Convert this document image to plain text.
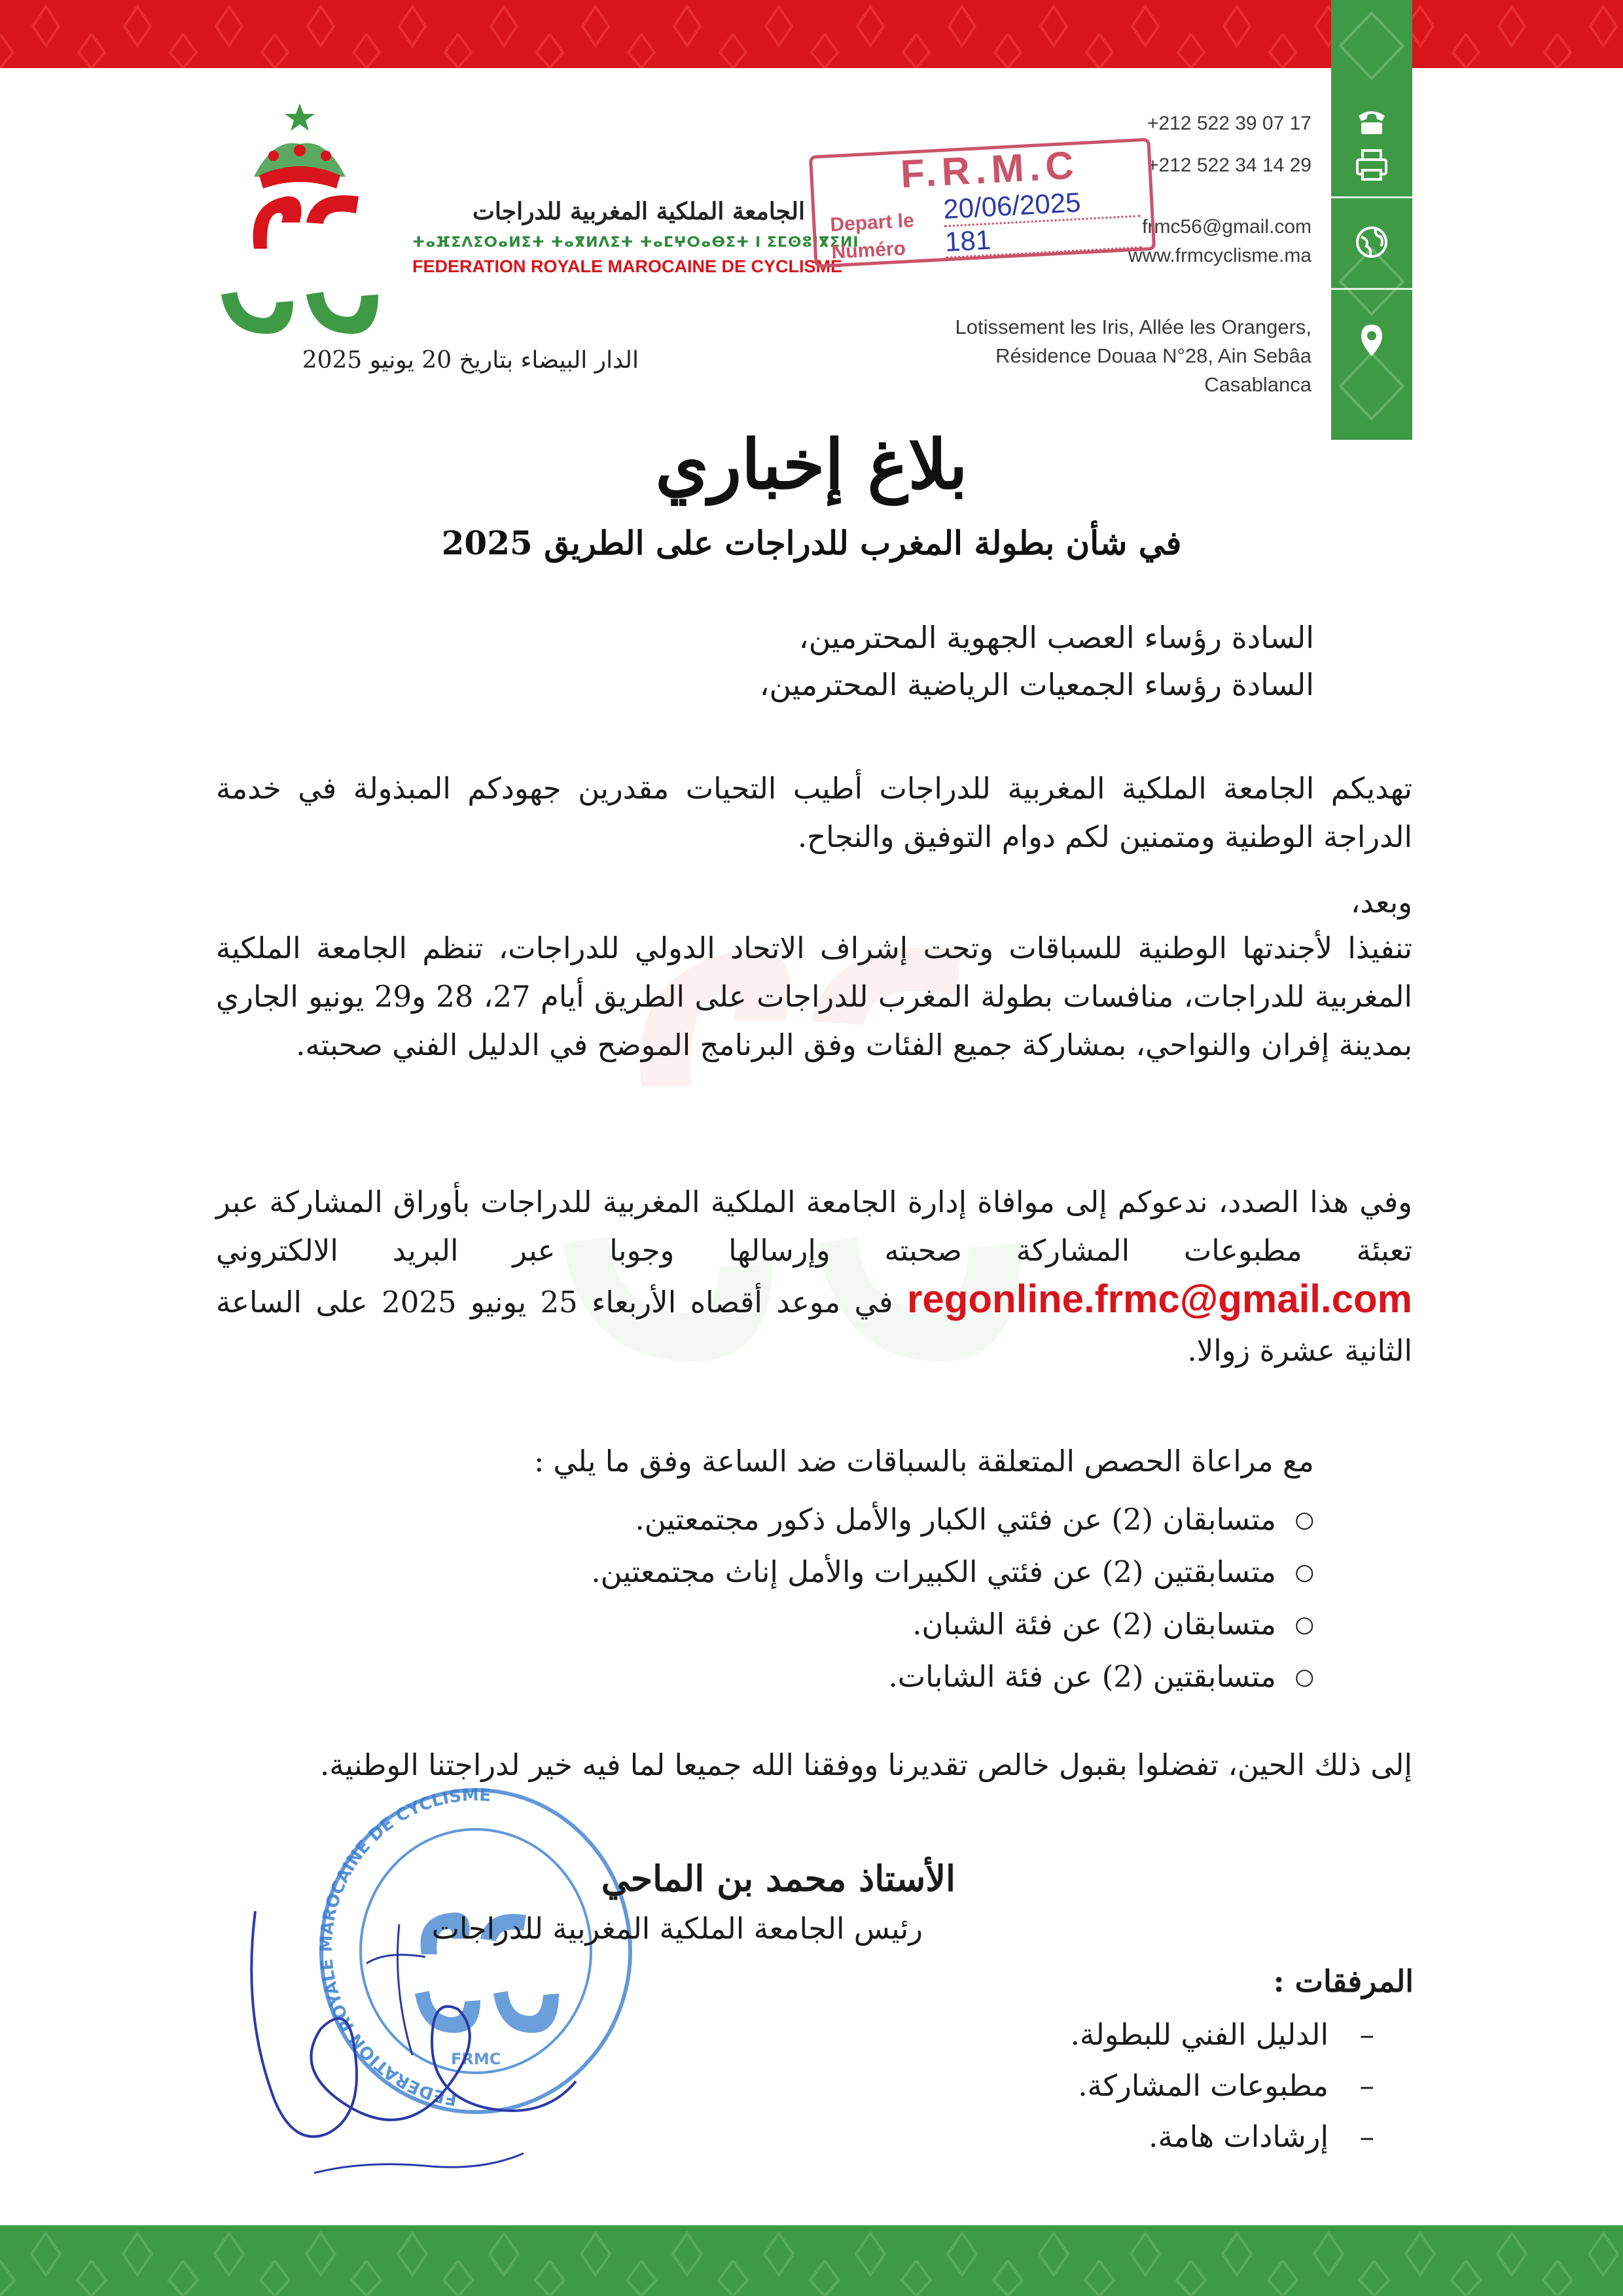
+212 522 39 07 17
+212 522 34 14 29
frmc56@gmail.com
www.frmcyclisme.ma
Lotissement les Iris, Allée les Orangers,
Résidence Douaa N°28, Ain Sebâa
Casablanca
الجامعة الملكية المغربية للدراجات
ⵜⴰⴼⵉⴷⵉⵔⴰⵍⵉⵜ ⵜⴰⴳⵍⴷⵉⵜ ⵜⴰⵎⵖⵔⴰⴱⵉⵜ ⵏ ⵉⵎⵙⵓⵏⴳⵉⵍⵏ
FEDERATION ROYALE MAROCAINE DE CYCLISME
الدار البيضاء بتاريخ 20 يونيو 2025
F.R.M.C
Depart le 20/06/2025
Numéro 181
بلاغ إخباري
في شأن بطولة المغرب للدراجات على الطريق 2025
السادة رؤساء العصب الجهوية المحترمين،
السادة رؤساء الجمعيات الرياضية المحترمين،
تهديكم الجامعة الملكية المغربية للدراجات أطيب التحيات مقدرين جهودكم المبذولة في خدمة الدراجة الوطنية ومتمنين لكم دوام التوفيق والنجاح.
وبعد،
تنفيذا لأجندتها الوطنية للسباقات وتحت إشراف الاتحاد الدولي للدراجات، تنظم الجامعة الملكية المغربية للدراجات، منافسات بطولة المغرب للدراجات على الطريق أيام 27، 28 و29 يونيو الجاري بمدينة إفران والنواحي، بمشاركة جميع الفئات وفق البرنامج الموضح في الدليل الفني صحبته.
وفي هذا الصدد، ندعوكم إلى موافاة إدارة الجامعة الملكية المغربية للدراجات بأوراق المشاركة عبر تعبئة مطبوعات المشاركة صحبته وإرسالها وجوبا عبر البريد الالكتروني regonline.frmc@gmail.com في موعد أقصاه الأربعاء 25 يونيو 2025 على الساعة الثانية عشرة زوالا.
مع مراعاة الحصص المتعلقة بالسباقات ضد الساعة وفق ما يلي :
○
متسابقان (2) عن فئتي الكبار والأمل ذكور مجتمعتين.
○
متسابقتين (2) عن فئتي الكبيرات والأمل إناث مجتمعتين.
○
متسابقان (2) عن فئة الشبان.
○
متسابقتين (2) عن فئة الشابات.
إلى ذلك الحين، تفضلوا بقبول خالص تقديرنا ووفقنا الله جميعا لما فيه خير لدراجتنا الوطنية.
FEDERATION ROYALE MAROCAINE DE CYCLISME
FRMC
الأستاذ محمد بن الماحي
رئيس الجامعة الملكية المغربية للدراجات
المرفقات :
–
الدليل الفني للبطولة.
–
مطبوعات المشاركة.
–
إرشادات هامة.
